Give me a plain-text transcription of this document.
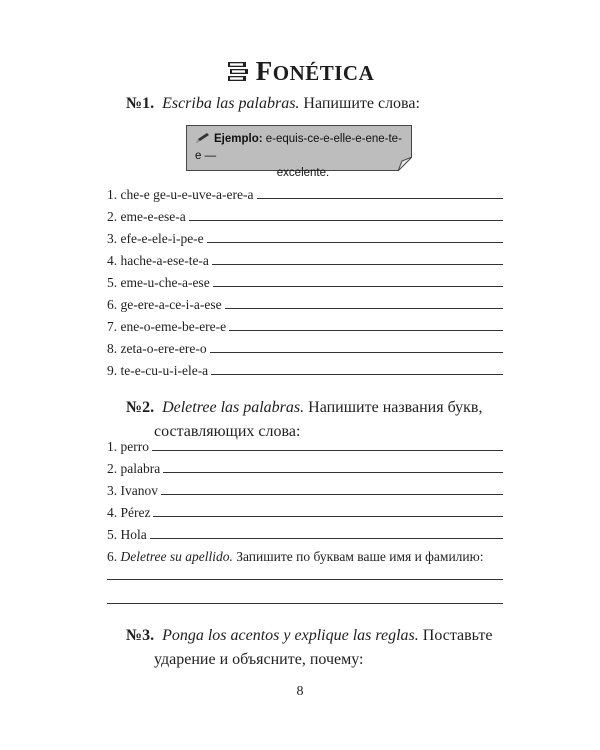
FONÉTICA
№1. Escriba las palabras. Напишите слова:
Ejemplo: e-equis-ce-e-elle-e-ene-te-e —
excelente.
1. che-e ge-u-e-uve-a-ere-a
2. eme-e-ese-a
3. efe-e-ele-i-pe-e
4. hache-a-ese-te-a
5. eme-u-che-a-ese
6. ge-ere-a-ce-i-a-ese
7. ene-o-eme-be-ere-e
8. zeta-o-ere-ere-o
9. te-e-cu-u-i-ele-a
№2. Deletree las palabras. Напишите названия букв,
составляющих слова:
1. perro
2. palabra
3. Ivanov
4. Pérez
5. Hola
6. Deletree su apellido. Запишите по буквам ваше имя и фамилию:
№3. Ponga los acentos y explique las reglas. Поставьте
ударение и объясните, почему:
8
